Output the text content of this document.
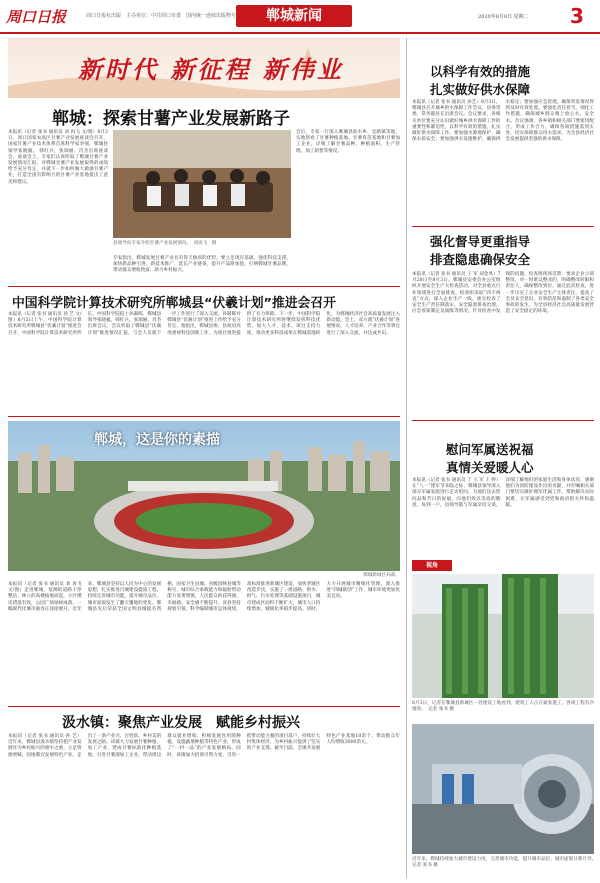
周口日报	周口日报社出版　主办单位：中共周口市委　国内统一连续出版物号	郸城新闻	2020年8月8日 星期二 3
新时代 新征程 新伟业
郸城：探索甘薯产业发展新路子
本报讯（记者 张书 通讯员 刘 再飞 文/图）8月2日，周口国家农高区甘薯产业发展座谈会召开，国家甘薯产业技术体系首席科学家李强，郸城县领导张晓毅、 韩红兵、张瑞丽、肖杰出席座谈会。座谈会上，专家们认真听取了郸城甘薯产业发展情况汇报，对郸城甘薯产业发展取得的成绩给予充分肯定，并就下一步如何做大做强甘薯产业，打造全国有影响力的甘薯产业基地提出了意见和建议。
县领导向专家介绍甘薯产业发展情况。　刘再飞　摄
专家指出，郸城发展甘薯产业具有得天独厚的优势，要立足现有基础，强化科技支撑，加快新品种引进、新技术推广，延长产业链条，提升产品附加值，打响郸城甘薯品牌，带动群众增收致富，助力乡村振兴。
会后，专家一行深入郸城县汲水乡、宜路镇等地，实地察看了甘薯种植基地、甘薯育苗基地和甘薯加工企业，详细了解甘薯品种、种植面积、生产管理、加工销售等情况。
中国科学院计算技术研究所郸城县“伏羲计划”推进会召开
本报讯（记者 张书 通讯员 孙 艺 文/图）8月3日上午，中国科学院计算技术研究所郸城县“伏羲计划”推进会召开，中国科学院计算技术研究所所长、中国科学院院士孙凝晖，郸城县领导张晓毅、韩红兵、张瑞丽、肖杰出席会议。会议听取了郸城县“伏羲计划”推进情况汇报，与会人员就下一步工作进行了深入交流。孙凝晖对郸城县“伏羲计划”推进工作给予充分肯定，他指出，郸城县委、县政府高度重视科技创新工作，为项目推进提供了有力保障。下一步，中国科学院计算技术研究所将继续发挥科技优势，加大人才、技术、项目支持力度，推动更多科技成果在郸城落地转化，为郸城经济社会高质量发展注入新动能。会上，双方就“伏羲计划”进展情况、人才培养、产业合作等事宜进行了深入交流，并达成共识。
郸城，这是你的素描
郸城新城区局部。
本报讯（记者 张书 通讯员 刘 再飞 文/图）走进郸城，宽阔的道路干净整洁，林立的高楼拔地而起，小区楼房错落有致，公园广场绿树成荫，一幅现代化城市画卷正徐徐展开。近年来，郸城县坚持以人民为中心的发展思想，扎实推进百城建设提质工程，持续完善城市功能，提升城市品位，城市面貌发生了翻天覆地的变化。郸城县先后荣获全国文明县城提名资格、国家卫生县城、省级园林县城等称号，城市综合承载能力和辐射带动能力显著增强，人民群众的获得感、幸福感、安全感不断提升。该县坚持规划引领，科学编制城市总体规划，高标准推进新城区建设，加快老城区改造步伐，实施了一批道路、供水、供气、污水处理等基础设施项目，城市建成区面积不断扩大，城市人口持续增加，城镇化率稳步提高。同时，大力开展城市精细化管理，深入推进“四城联创”工作，城市环境更加优美宜居。
汲水镇：聚焦产业发展　赋能乡村振兴
本报讯（记者 张书 通讯员 孙 艺）近年来，郸城县汲水镇坚持把产业发展作为乡村振兴的重中之重，立足资源禀赋，因地制宜发展特色产业，走出了一条产业兴、百姓富、乡村美的发展之路。该镇大力发展甘薯种植、加工产业，建成甘薯标准化种植基地，引进甘薯深加工企业，带动周边群众就业增收；积极发展食用菌种植、设施蔬菜种植等特色产业，形成了“一村一品”的产业发展格局。同时，该镇加大招商引资力度，引进一批带动能力强的项目落户，持续壮大村集体经济，为乡村振兴提供了坚实的产业支撑。截至目前，全镇共发展特色产业基地10余个，带动群众年人均增收3000余元。
以科学有效的措施
扎实做好供水保障
本报讯（记者 张书 通讯员 孙艺）8月3日，郸城县召开城乡供水保障工作会议，县委常委、常务副县长出席会议。会议要求，各相关单位要充分认识做好城乡供水保障工作的重要性和紧迫性，以科学有效的措施，扎实做好供水保障工作。要加强水源地保护，确保水质安全；要加强供水设施维护，确保供水稳定；要加强应急管理，确保突发情况得到及时有效处置。要强化责任担当，细化工作措施，确保城乡群众喝上放心水、安全水。会议强调，各乡镇和相关部门要密切配合，形成工作合力，确保各项措施落到实处，切实保障群众用水需求，为全县经济社会发展提供坚强的供水保障。
强化督导更重指导
排查隐患确保安全
本报讯（记者 张书 通讯员 王 军 刘金凤）7月28日至8月3日，郸城县安委会办公室组织开展安全生产大检查活动，对全县重点行业领域进行全面排查。检查组采取“四不两直”方式，深入企业生产一线，重点检查了安全生产责任制落实、安全隐患排查治理、应急预案制定及演练等情况。针对检查中发现的问题，检查组现场反馈，要求企业立即整改，对一时难以整改的，明确整改时限和责任人，确保整改到位。通过此次检查，进一步压实了企业安全生产主体责任，提高了全员安全意识，有效防范和遏制了各类安全事故的发生，为全县经济社会高质量发展营造了安全稳定的环境。
慰问军属送祝福
真情关爱暖人心
本报讯（记者 张书 通讯员 丁 王 军 王 婷）在“八一”建军节来临之际，郸城县领导深入部分军属家庭进行走访慰问，为他们送去慰问品和节日的祝福，向他们致以崇高的敬意。每到一户，县领导都与军属亲切交谈，详细了解他们的家庭生活和身体状况，感谢他们为国防建设作出的贡献，并叮嘱相关部门要切实做好拥军优属工作，帮助解决实际困难，让军属感受到党和政府的关怀和温暖。
视角
8月3日，记者在郸城县新城区一处建设工地看到，建筑工人正在紧张施工，各项工程有序推进。　记者 张书 摄
近年来，郸城持续加大城市建设力度，完善城市功能，提升城市品位，城市面貌日新月异。　记者 张书 摄
